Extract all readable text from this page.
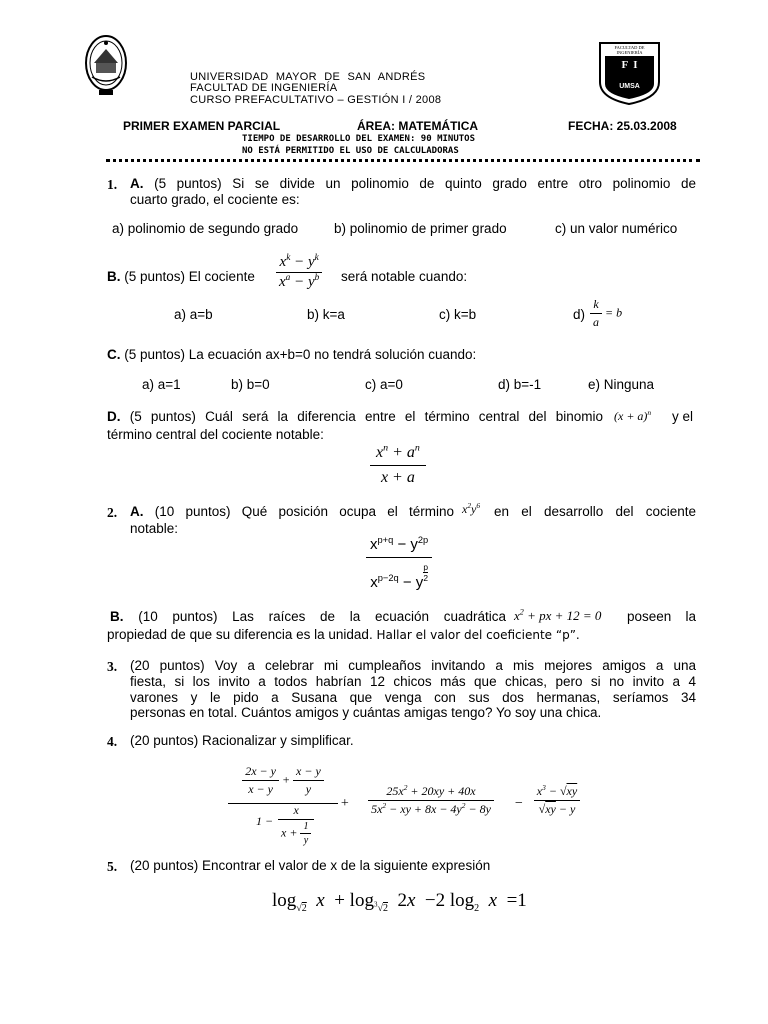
UNIVERSIDAD MAYOR DE SAN ANDRÉS
FACULTAD DE INGENIERÍA
CURSO PREFACULTATIVO – GESTIÓN I / 2008
FACULTAD DE INGENIERÍA
F  I
UMSA
PRIMER EXAMEN PARCIAL	ÁREA: MATEMÁTICA	FECHA: 25.03.2008
TIEMPO DE DESARROLLO DEL EXAMEN: 90 MINUTOS
NO ESTÁ PERMITIDO EL USO DE CALCULADORAS
1. A. (5 puntos) Si se divide un polinomio de quinto grado entre otro polinomio de
cuarto grado, el cociente es:
a) polinomio de segundo grado	b) polinomio de primer grado	c) un valor numérico
B. (5 puntos) El cociente $\frac{x^k - y^k}{x^a - y^b}$ será notable cuando:
a) a=b	b) k=a	c) k=b	$d) \frac{k}{a} = b$
C. (5 puntos) La ecuación ax+b=0 no tendrá solución cuando:
a) a=1	b) b=0	c) a=0	d) b=-1	e) Ninguna
D. (5 puntos) Cuál será la diferencia entre el término central del binomio $(x + a)^n$ y el
término central del cociente notable:
$\frac{x^n + a^n}{x + a}$
2. A. (10 puntos) Qué posición ocupa el término $x^2y^6$ en el desarrollo del cociente
notable:
$x^{p+q} - y^{2p}$
$x^{p-2q} - y$ $^{\frac{p}{2}}$
B. (10 puntos) Las raíces de la ecuación cuadrática $x^2$ + px + 12 = 0 poseen la
propiedad de que su diferencia es la unidad. Hallar el valor del coeficiente “p”.
3. (20 puntos) Voy a celebrar mi cumpleaños invitando a mis mejores amigos a una
fiesta, si los invito a todos habrían 12 chicos más que chicas, pero si no invito a 4
varones y le pido a Susana que venga con sus dos hermanas, seríamos 34
personas en total. Cuántos amigos y cuántas amigas tengo? Yo soy una chica.
4. (20 puntos) Racionalizar y simplificar.
$\frac{2x - y}{x - y} + \frac{x - y}{y}$
$1 - \frac{x}{x + \frac{1}{y}} + \frac{25x^2 + 20xy + 40x}{5x^2 - xy + 8x - 4y^2 - 8y} - \frac{x^3 - √xy}{√xy - y}$
5. (20 puntos) Encontrar el valor de x de la siguiente expresión
$\log_{√2} x + \log_{^3√2} 2x -2$ $\log_2 x =1$
